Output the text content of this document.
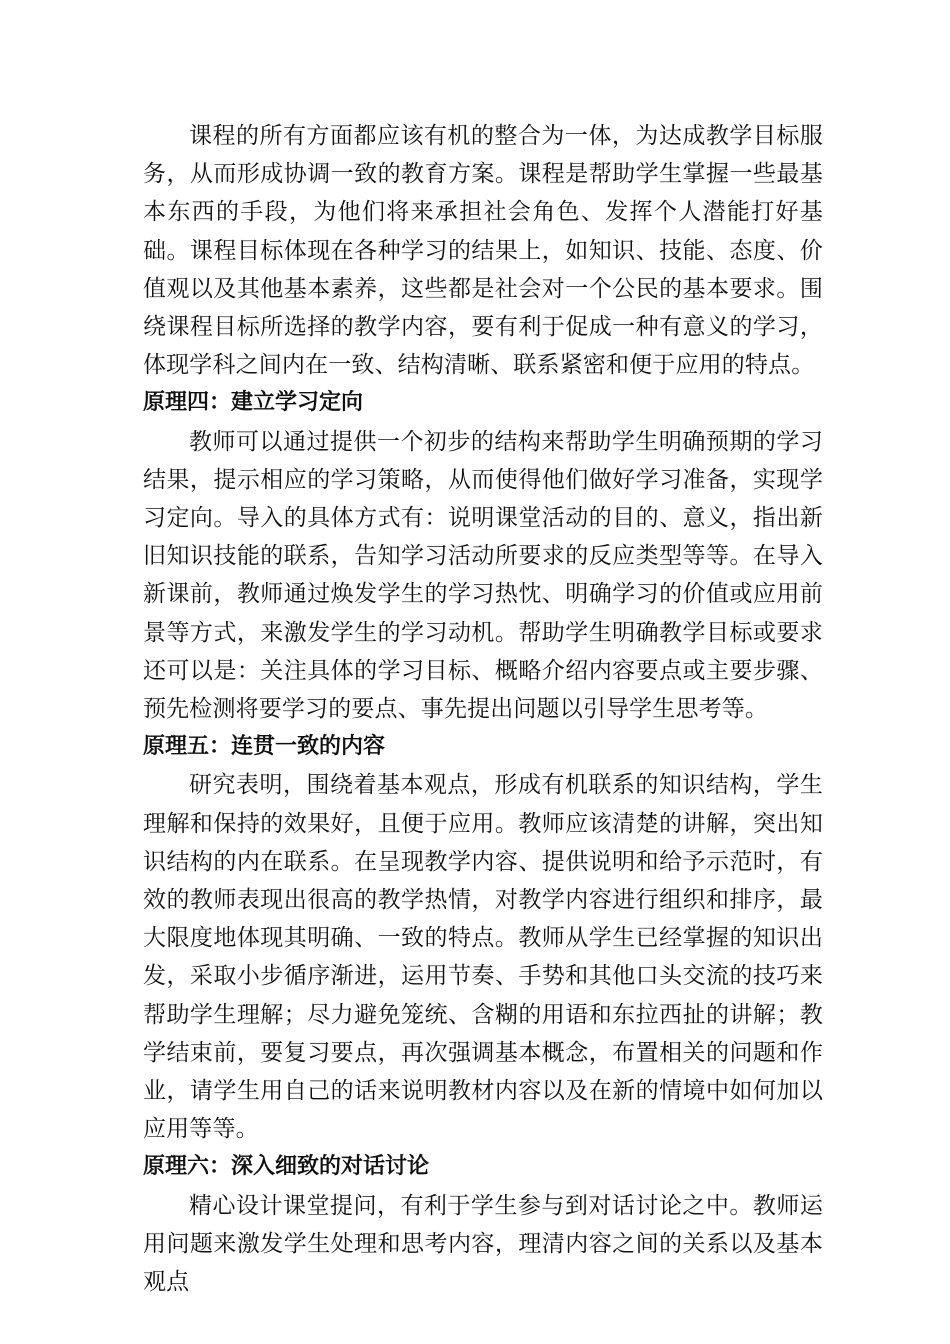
课程的所有方面都应该有机的整合为一体，为达成教学目标服务，从而形成协调一致的教育方案。课程是帮助学生掌握一些最基本东西的手段，为他们将来承担社会角色、发挥个人潜能打好基础。课程目标体现在各种学习的结果上，如知识、技能、态度、价值观以及其他基本素养，这些都是社会对一个公民的基本要求。围绕课程目标所选择的教学内容，要有利于促成一种有意义的学习，体现学科之间内在一致、结构清晰、联系紧密和便于应用的特点。

原理四：建立学习定向

教师可以通过提供一个初步的结构来帮助学生明确预期的学习结果，提示相应的学习策略，从而使得他们做好学习准备，实现学习定向。导入的具体方式有：说明课堂活动的目的、意义，指出新旧知识技能的联系，告知学习活动所要求的反应类型等等。在导入新课前，教师通过焕发学生的学习热忱、明确学习的价值或应用前景等方式，来激发学生的学习动机。帮助学生明确教学目标或要求还可以是：关注具体的学习目标、概略介绍内容要点或主要步骤、预先检测将要学习的要点、事先提出问题以引导学生思考等。

原理五：连贯一致的内容

研究表明，围绕着基本观点，形成有机联系的知识结构，学生理解和保持的效果好，且便于应用。教师应该清楚的讲解，突出知识结构的内在联系。在呈现教学内容、提供说明和给予示范时，有效的教师表现出很高的教学热情，对教学内容进行组织和排序，最大限度地体现其明确、一致的特点。教师从学生已经掌握的知识出发，采取小步循序渐进，运用节奏、手势和其他口头交流的技巧来帮助学生理解；尽力避免笼统、含糊的用语和东拉西扯的讲解；教学结束前，要复习要点，再次强调基本概念，布置相关的问题和作业，请学生用自己的话来说明教材内容以及在新的情境中如何加以应用等等。

原理六：深入细致的对话讨论

精心设计课堂提问，有利于学生参与到对话讨论之中。教师运用问题来激发学生处理和思考内容，理清内容之间的关系以及基本观点
